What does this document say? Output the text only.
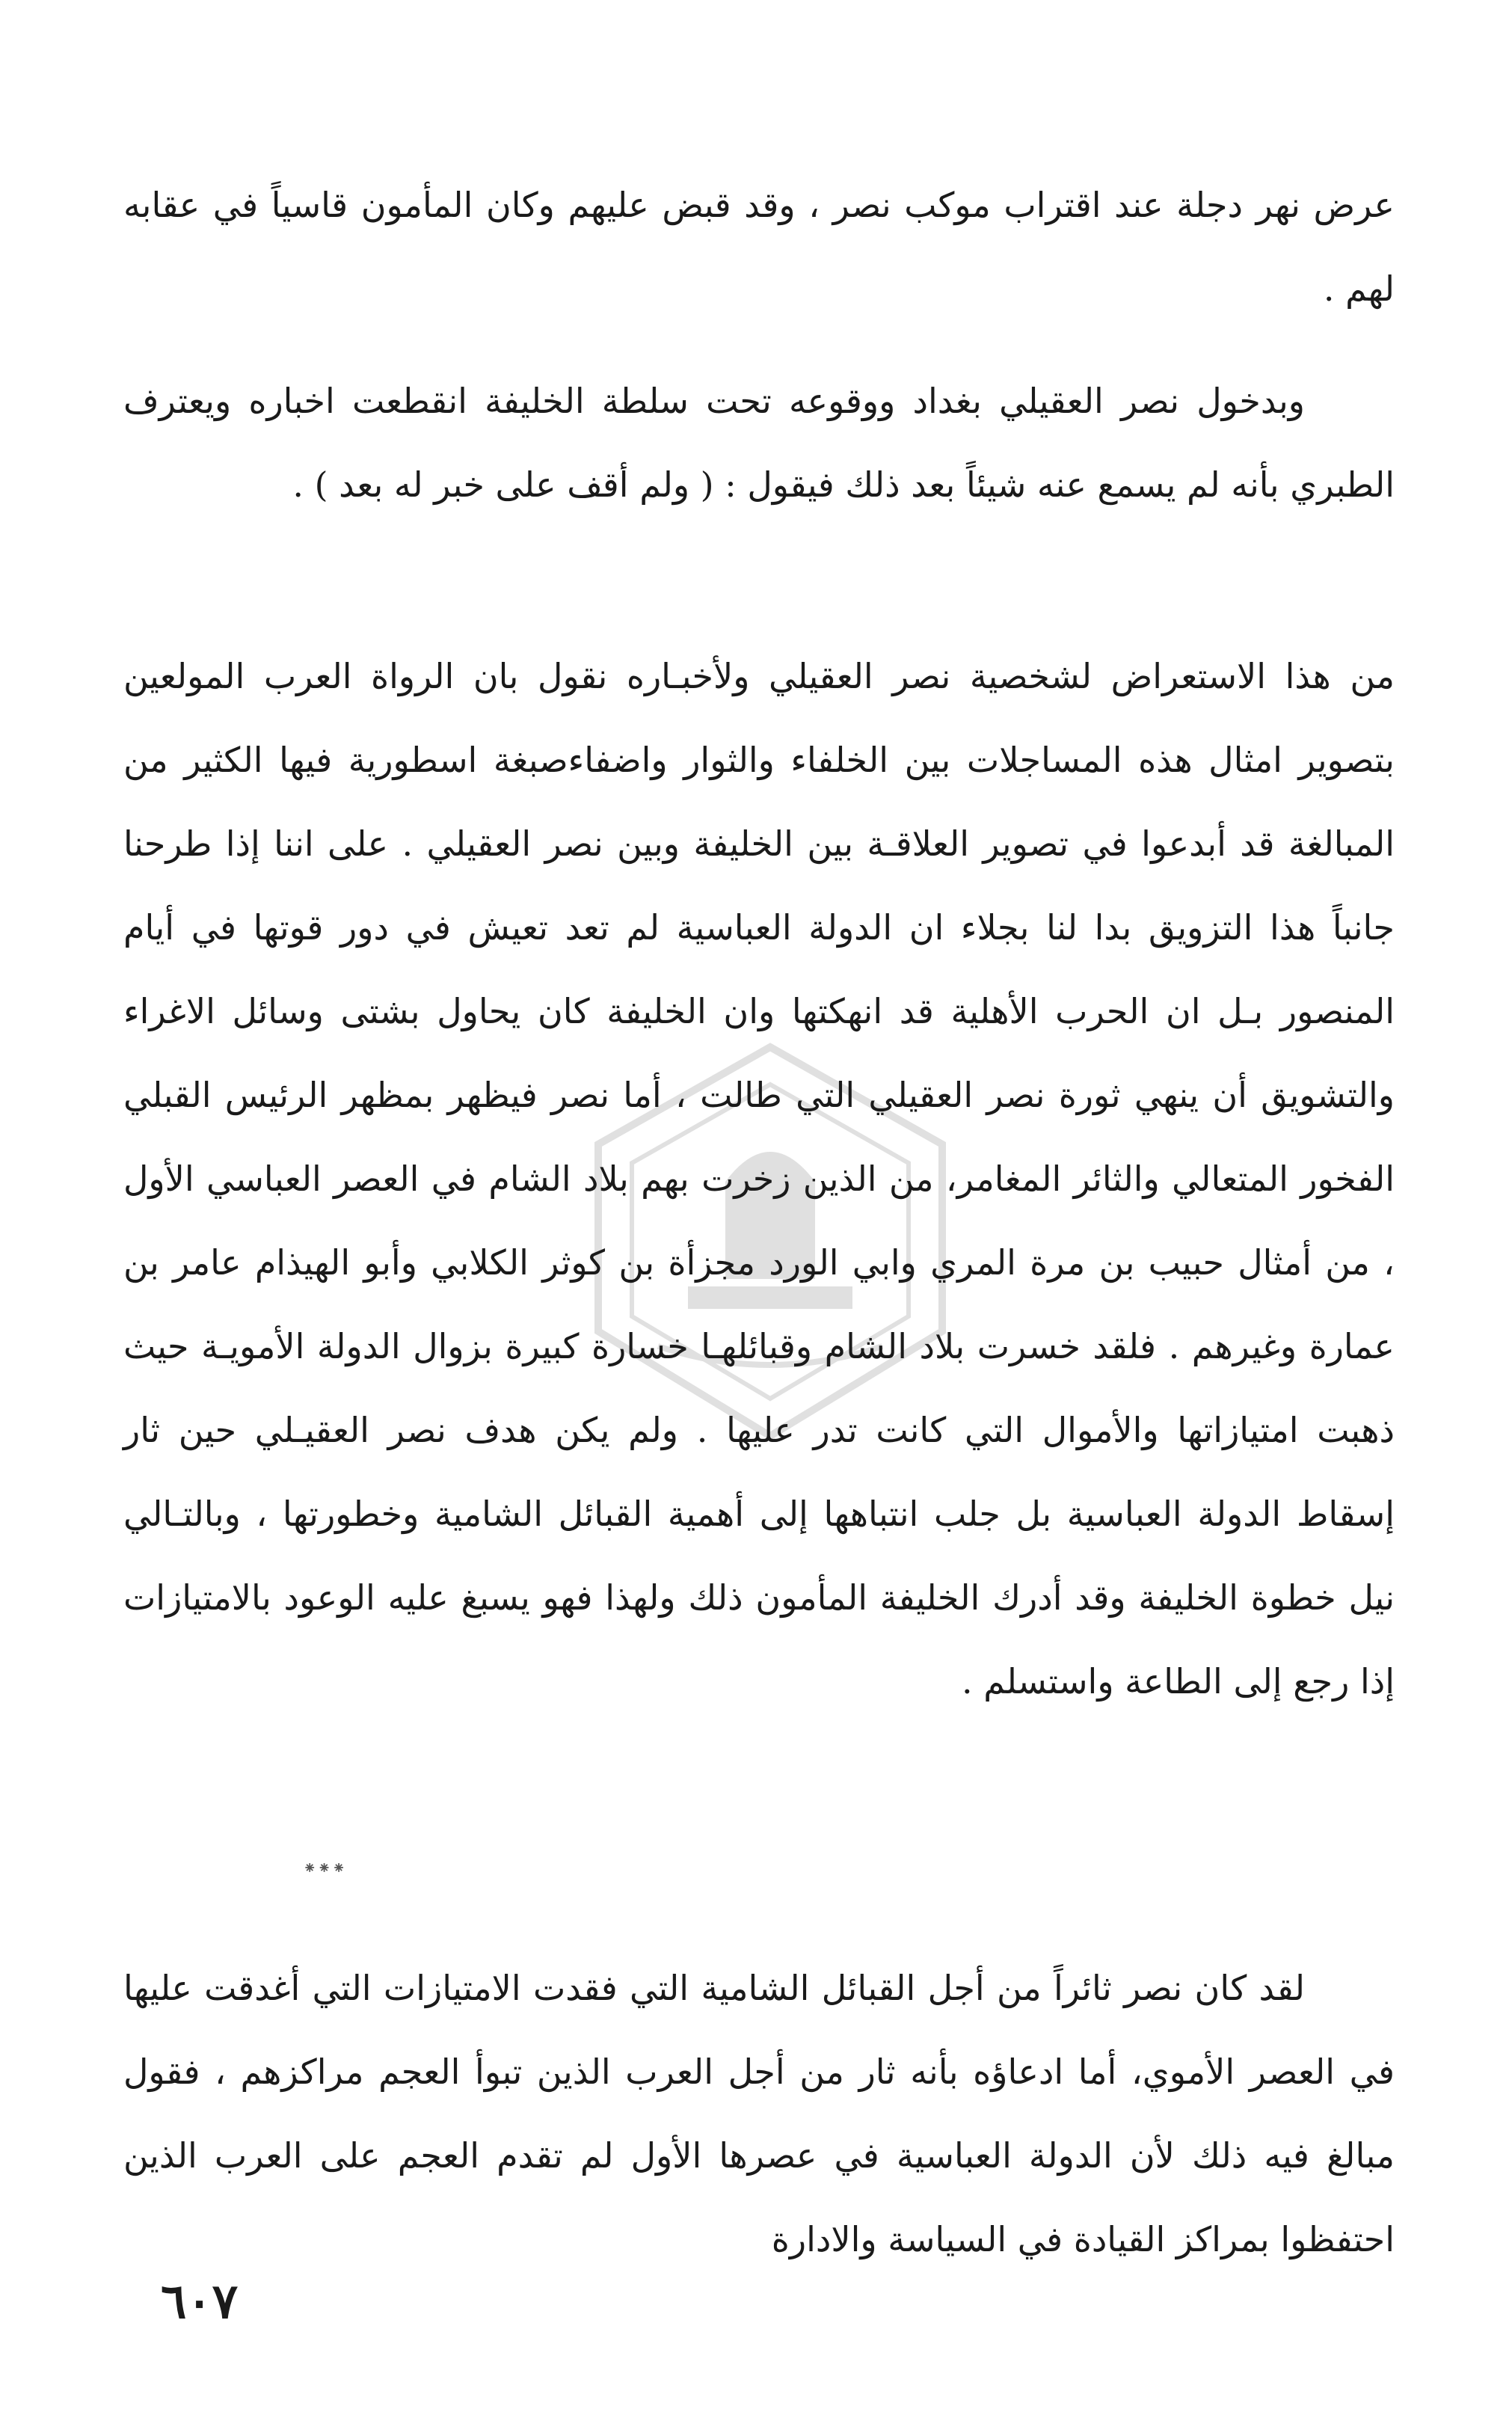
عرض نهر دجلة عند اقتراب موكب نصر ، وقد قبض عليهم وكان المأمون قاسياً في عقابه لهم .

وبدخول نصر العقيلي بغداد ووقوعه تحت سلطة الخليفة انقطعت اخباره ويعترف الطبري بأنه لم يسمع عنه شيئاً بعد ذلك فيقول : ( ولم أقف على خبر له بعد ) .

من هذا الاستعراض لشخصية نصر العقيلي ولأخبـاره نقول بان الرواة العرب المولعين بتصوير امثال هذه المساجلات بين الخلفاء والثوار واضفاءصبغة اسطورية فيها الكثير من المبالغة قد أبدعوا في تصوير العلاقـة بين الخليفة وبين نصر العقيلي . على اننا إذا طرحنا جانباً هذا التزويق بدا لنا بجلاء ان الدولة العباسية لم تعد تعيش في دور قوتها في أيام المنصور بـل ان الحرب الأهلية قد انهكتها وان الخليفة كان يحاول بشتى وسائل الاغراء والتشويق أن ينهي ثورة نصر العقيلي التي طالت ، أما نصر فيظهر بمظهر الرئيس القبلي الفخور المتعالي والثائر المغامر، من الذين زخرت بهم بلاد الشام في العصر العباسي الأول ، من أمثال حبيب بن مرة المري وابي الورد مجزأة بن كوثر الكلابي وأبو الهيذام عامر بن عمارة وغيرهم . فلقد خسرت بلاد الشام وقبائلهـا خسارة كبيرة بزوال الدولة الأمويـة حيث ذهبت امتيازاتها والأموال التي كانت تدر عليها . ولم يكن هدف نصر العقيـلي حين ثار إسقاط الدولة العباسية بل جلب انتباهها إلى أهمية القبائل الشامية وخطورتها ، وبالتـالي نيل خطوة الخليفة وقد أدرك الخليفة المأمون ذلك ولهذا فهو يسبغ عليه الوعود بالامتيازات إذا رجع إلى الطاعة واستسلم .

⁕⁕⁕

لقد كان نصر ثائراً من أجل القبائل الشامية التي فقدت الامتيازات التي أغدقت عليها في العصر الأموي، أما ادعاؤه بأنه ثار من أجل العرب الذين تبوأ العجم مراكزهم ، فقول مبالغ فيه ذلك لأن الدولة العباسية في عصرها الأول لم تقدم العجم على العرب الذين احتفظوا بمراكز القيادة في السياسة والادارة

٦٠٧
